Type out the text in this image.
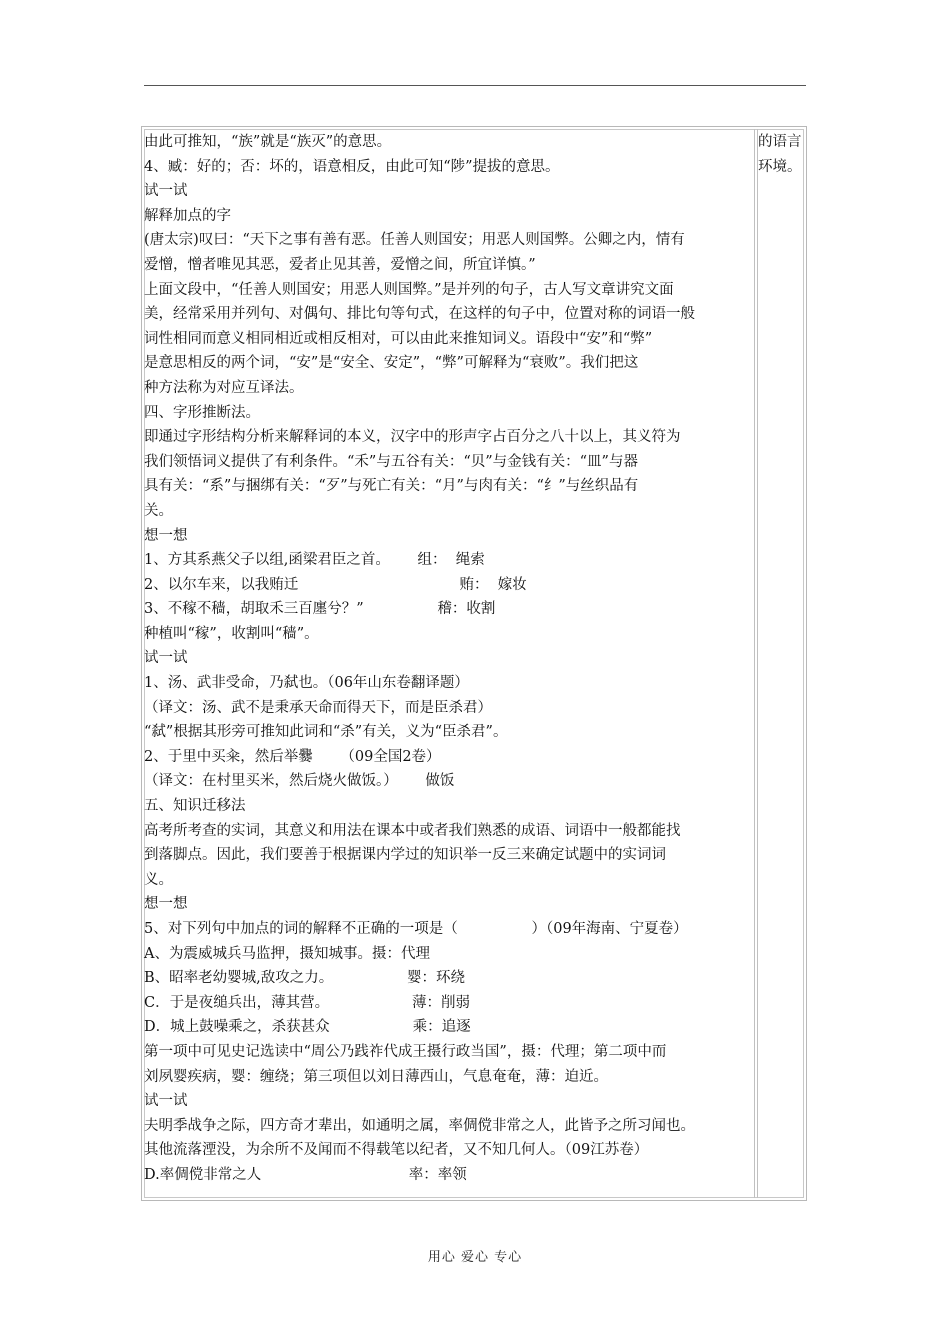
由此可推知，“族”就是“族灭”的意思。
4、臧：好的；否：坏的，语意相反，由此可知“陟”提拔的意思。
试一试
解释加点的字
(唐太宗)叹曰：“天下之事有善有恶。任善人则国安；用恶人则国弊。公卿之内，情有
爱憎，憎者唯见其恶，爱者止见其善，爱憎之间，所宜详慎。”
上面文段中，“任善人则国安；用恶人则国弊。”是并列的句子，古人写文章讲究文面
美，经常采用并列句、对偶句、排比句等句式，在这样的句子中，位置对称的词语一般
词性相同而意义相同相近或相反相对，可以由此来推知词义。语段中“安”和“弊”
是意思相反的两个词，“安”是“安全、安定”，“弊”可解释为“衰败”。我们把这
种方法称为对应互译法。
四、字形推断法。
即通过字形结构分析来解释词的本义，汉字中的形声字占百分之八十以上，其义符为
我们领悟词义提供了有利条件。“禾”与五谷有关：“贝”与金钱有关：“皿”与器
具有关：“系”与捆绑有关：“歹”与死亡有关：“月”与肉有关：“纟”与丝织品有
关。
想一想
1、方其系燕父子以组,函梁君臣之首。      组：  绳索
2、以尔车来，以我贿迁                                   贿：  嫁妆
3、不稼不穑，胡取禾三百廛兮？”                稽：收割
种植叫“稼”，收割叫“穑”。
试一试
1、汤、武非受命，乃弑也。（06年山东卷翻译题）
（译文：汤、武不是秉承天命而得天下，而是臣杀君）
“弑”根据其形旁可推知此词和“杀”有关，义为“臣杀君”。
2、于里中买籴，然后举爨      （09全国2卷）
（译文：在村里买米，然后烧火做饭。）      做饭
五、知识迁移法
高考所考查的实词，其意义和用法在课本中或者我们熟悉的成语、词语中一般都能找
到落脚点。因此，我们要善于根据课内学过的知识举一反三来确定试题中的实词词
义。
想一想
5、对下列句中加点的词的解释不正确的一项是（                ）（09年海南、宁夏卷）
A、为震威城兵马监押，摄知城事。摄：代理
B、昭率老幼婴城,敌攻之力。                婴：环绕
C．于是夜缒兵出，薄其营。                  薄：削弱
D．城上鼓噪乘之，杀获甚众                  乘：追逐
第一项中可见史记选读中“周公乃践祚代成王摄行政当国”，摄：代理；第二项中而
刘夙婴疾病，婴：缠绕；第三项但以刘日薄西山，气息奄奄，薄：迫近。
试一试
夫明季战争之际，四方奇才辈出，如通明之属，率倜傥非常之人，此皆予之所习闻也。
其他流落湮没，为余所不及闻而不得载笔以纪者，又不知几何人。（09江苏卷）
D.率倜傥非常之人                                率：率领
的语言
环境。
用心 爱心 专心
